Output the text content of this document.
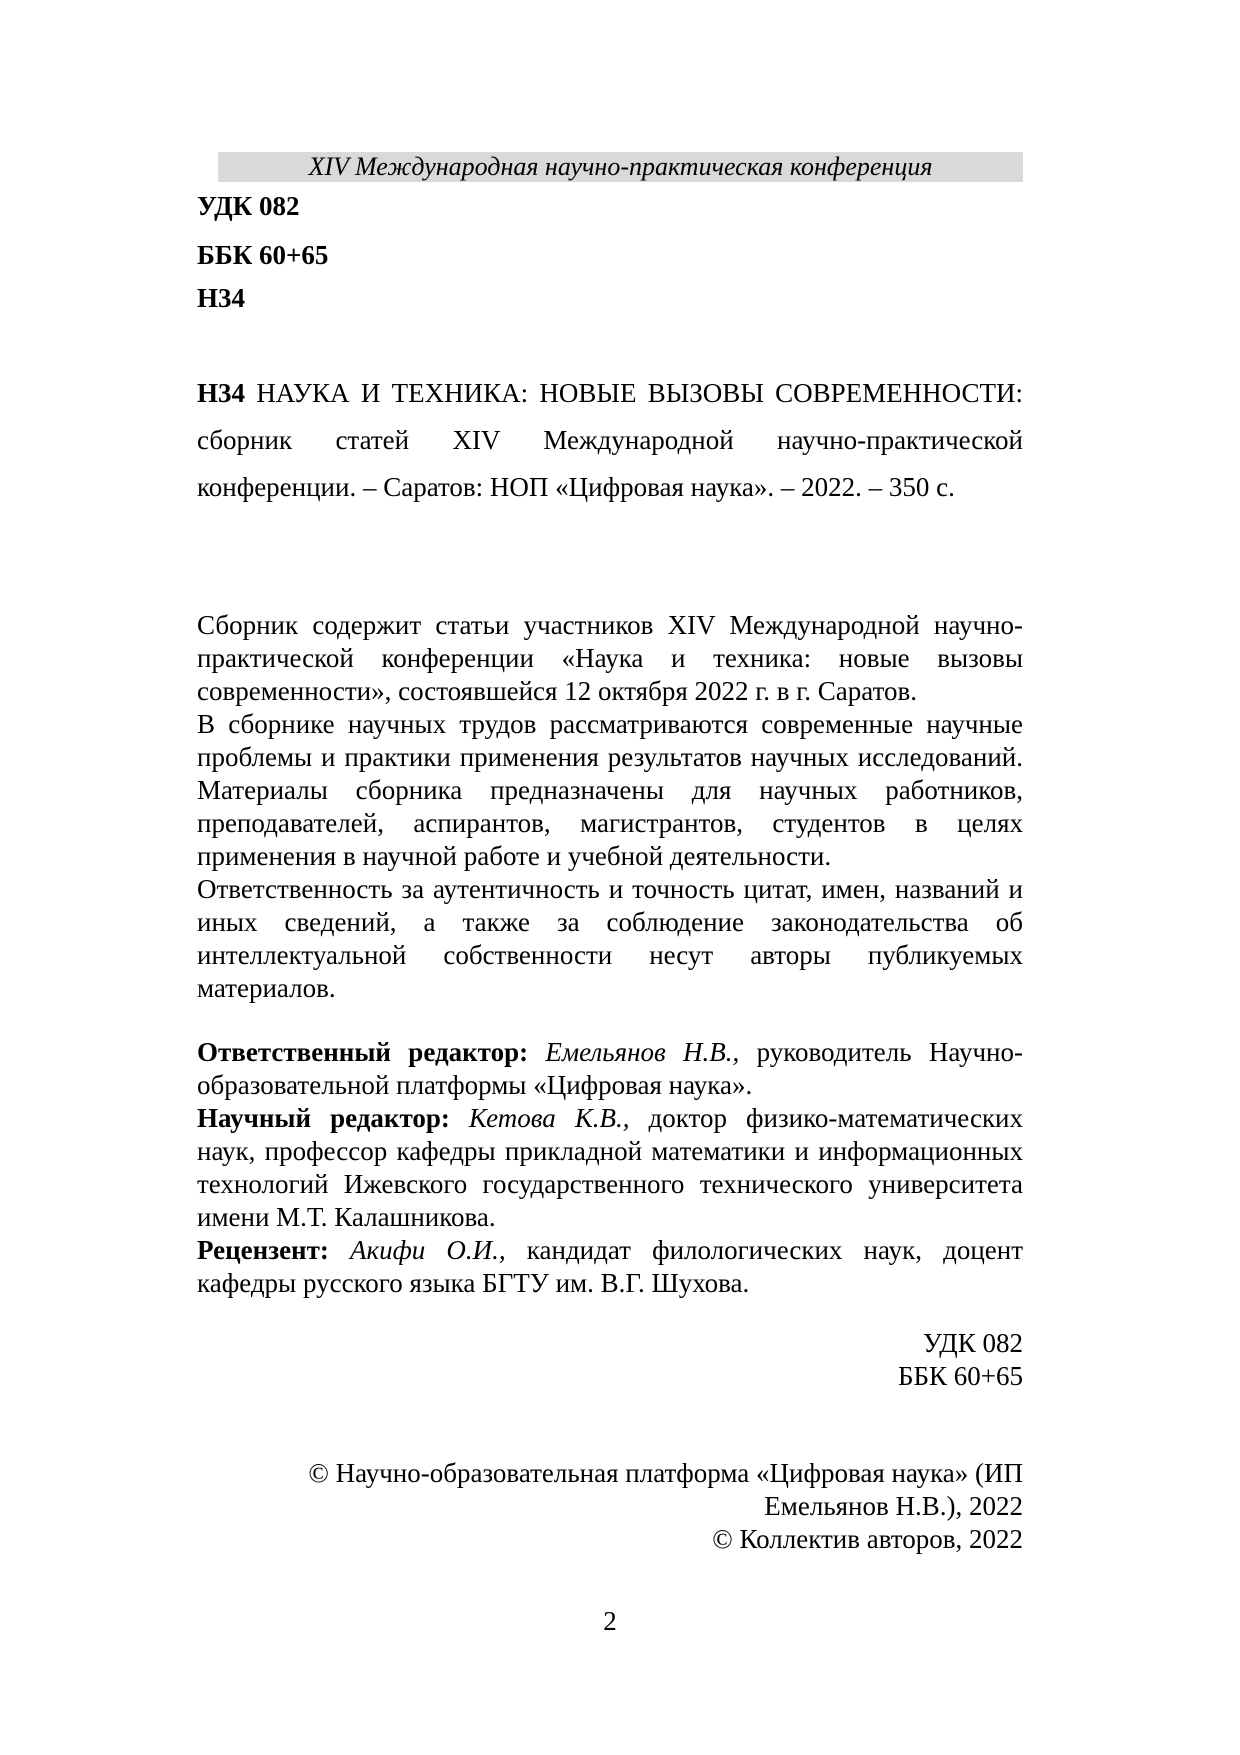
XIV Международная научно-практическая конференция

УДК 082

ББК 60+65

Н34

Н34 НАУКА И ТЕХНИКА: НОВЫЕ ВЫЗОВЫ СОВРЕМЕННОСТИ: сборник статей XIV Международной научно-практической конференции. – Саратов: НОП «Цифровая наука». – 2022. – 350 с.

Сборник содержит статьи участников XIV Международной научно-практической конференции «Наука и техника: новые вызовы современности», состоявшейся 12 октября 2022 г. в г. Саратов.

В сборнике научных трудов рассматриваются современные научные проблемы и практики применения результатов научных исследований. Материалы сборника предназначены для научных работников, преподавателей, аспирантов, магистрантов, студентов в целях применения в научной работе и учебной деятельности.

Ответственность за аутентичность и точность цитат, имен, названий и иных сведений, а также за соблюдение законодательства об интеллектуальной собственности несут авторы публикуемых материалов.

Ответственный редактор: Емельянов Н.В., руководитель Научно-образовательной платформы «Цифровая наука».

Научный редактор: Кетова К.В., доктор физико-математических наук, профессор кафедры прикладной математики и информационных технологий Ижевского государственного технического университета имени М.Т. Калашникова.

Рецензент: Акифи О.И., кандидат филологических наук, доцент кафедры русского языка БГТУ им. В.Г. Шухова.

УДК 082
ББК 60+65
© Научно-образовательная платформа «Цифровая наука» (ИП Емельянов Н.В.), 2022
© Коллектив авторов, 2022
2
